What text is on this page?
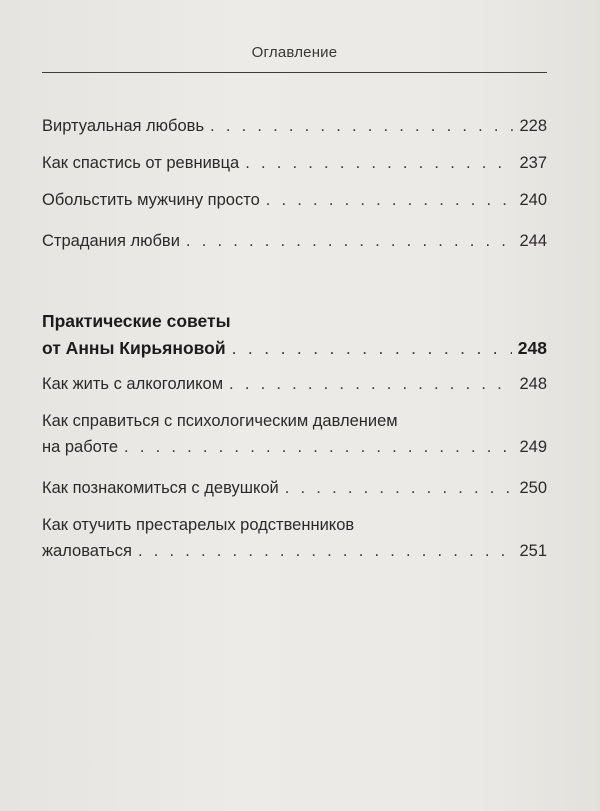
Оглавление
Виртуальная любовь . . .	228
Как спастись от ревнивца . . .	237
Обольстить мужчину просто . . .	240
Страдания любви . . .	244
Практические советы
от Анны Кирьяновой . . .	248
Как жить с алкоголиком . . .	248
Как справиться с психологическим давлением
на работе . . .	249
Как познакомиться с девушкой . . .	250
Как отучить престарелых родственников
жаловаться . . .	251
